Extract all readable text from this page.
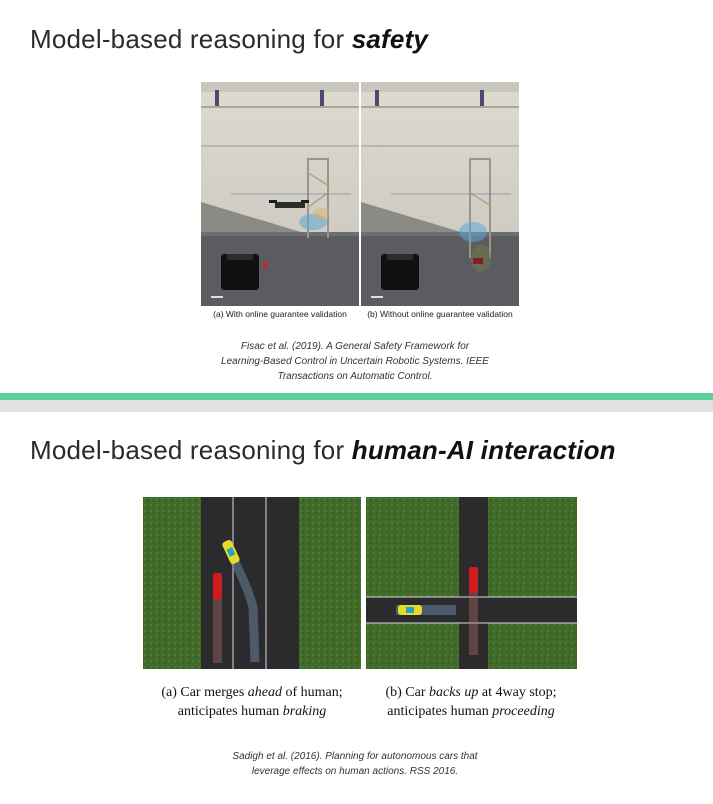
Model-based reasoning for safety
(a) With online guarantee validation	(b) Without online guarantee validation
Fisac et al. (2019). A General Safety Framework for
Learning-Based Control in Uncertain Robotic Systems. IEEE
Transactions on Automatic Control.
Model-based reasoning for human-AI interaction
(a) Car merges ahead of human;
anticipates human braking
(b) Car backs up at 4way stop;
anticipates human proceeding
Sadigh et al. (2016). Planning for autonomous cars that
leverage effects on human actions. RSS 2016.
